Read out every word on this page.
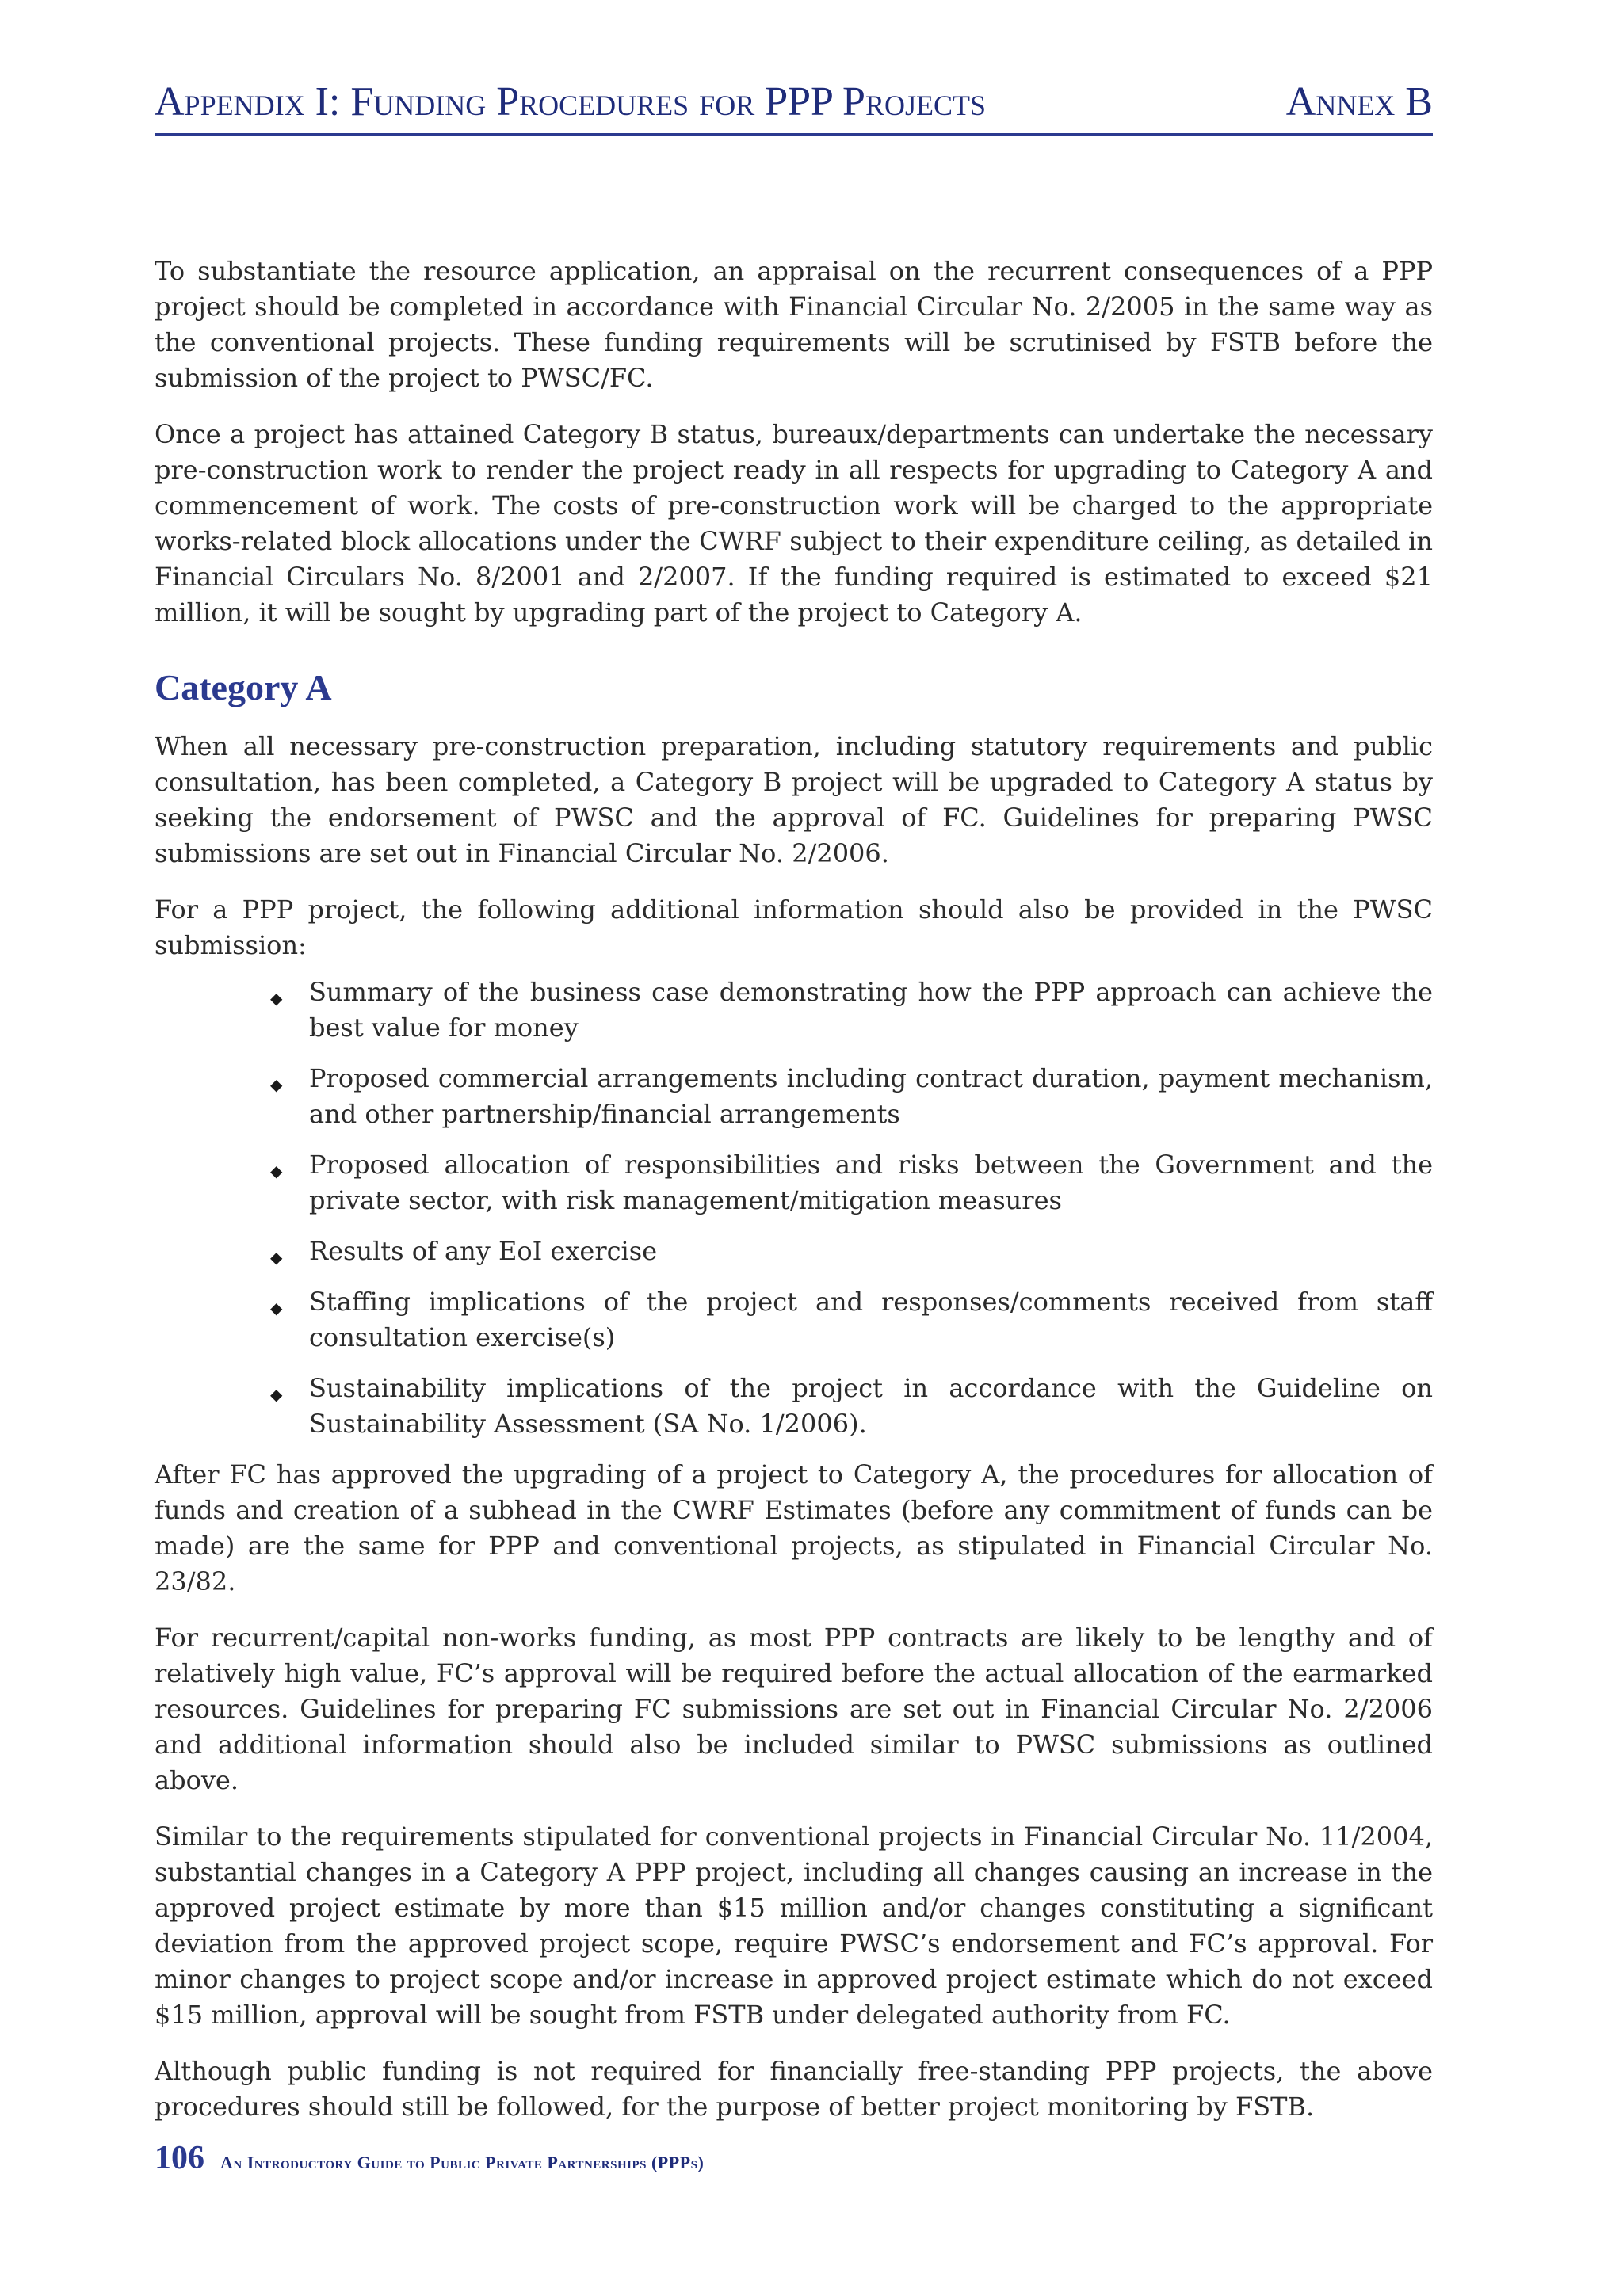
Appendix I: Funding Procedures for PPP Projects	Annex B

To substantiate the resource application, an appraisal on the recurrent consequences of a PPP project should be completed in accordance with Financial Circular No. 2/2005 in the same way as the conventional projects. These funding requirements will be scrutinised by FSTB before the submission of the project to PWSC/FC.

Once a project has attained Category B status, bureaux/departments can undertake the necessary pre-construction work to render the project ready in all respects for upgrading to Category A and commencement of work. The costs of pre-construction work will be charged to the appropriate works-related block allocations under the CWRF subject to their expenditure ceiling, as detailed in Financial Circulars No. 8/2001 and 2/2007. If the funding required is estimated to exceed $21 million, it will be sought by upgrading part of the project to Category A.

Category A

When all necessary pre-construction preparation, including statutory requirements and public consultation, has been completed, a Category B project will be upgraded to Category A status by seeking the endorsement of PWSC and the approval of FC. Guidelines for preparing PWSC submissions are set out in Financial Circular No. 2/2006.

For a PPP project, the following additional information should also be provided in the PWSC submission:

◆ Summary of the business case demonstrating how the PPP approach can achieve the best value for money
◆ Proposed commercial arrangements including contract duration, payment mechanism, and other partnership/financial arrangements
◆ Proposed allocation of responsibilities and risks between the Government and the private sector, with risk management/mitigation measures
◆ Results of any EoI exercise
◆ Staffing implications of the project and responses/comments received from staff consultation exercise(s)
◆ Sustainability implications of the project in accordance with the Guideline on Sustainability Assessment (SA No. 1/2006).

After FC has approved the upgrading of a project to Category A, the procedures for allocation of funds and creation of a subhead in the CWRF Estimates (before any commitment of funds can be made) are the same for PPP and conventional projects, as stipulated in Financial Circular No. 23/82.

For recurrent/capital non-works funding, as most PPP contracts are likely to be lengthy and of relatively high value, FC’s approval will be required before the actual allocation of the earmarked resources. Guidelines for preparing FC submissions are set out in Financial Circular No. 2/2006 and additional information should also be included similar to PWSC submissions as outlined above.

Similar to the requirements stipulated for conventional projects in Financial Circular No. 11/2004, substantial changes in a Category A PPP project, including all changes causing an increase in the approved project estimate by more than $15 million and/or changes constituting a significant deviation from the approved project scope, require PWSC’s endorsement and FC’s approval. For minor changes to project scope and/or increase in approved project estimate which do not exceed $15 million, approval will be sought from FSTB under delegated authority from FC.

Although public funding is not required for financially free-standing PPP projects, the above procedures should still be followed, for the purpose of better project monitoring by FSTB.

106 An Introductory Guide to Public Private Partnerships (PPPs)
